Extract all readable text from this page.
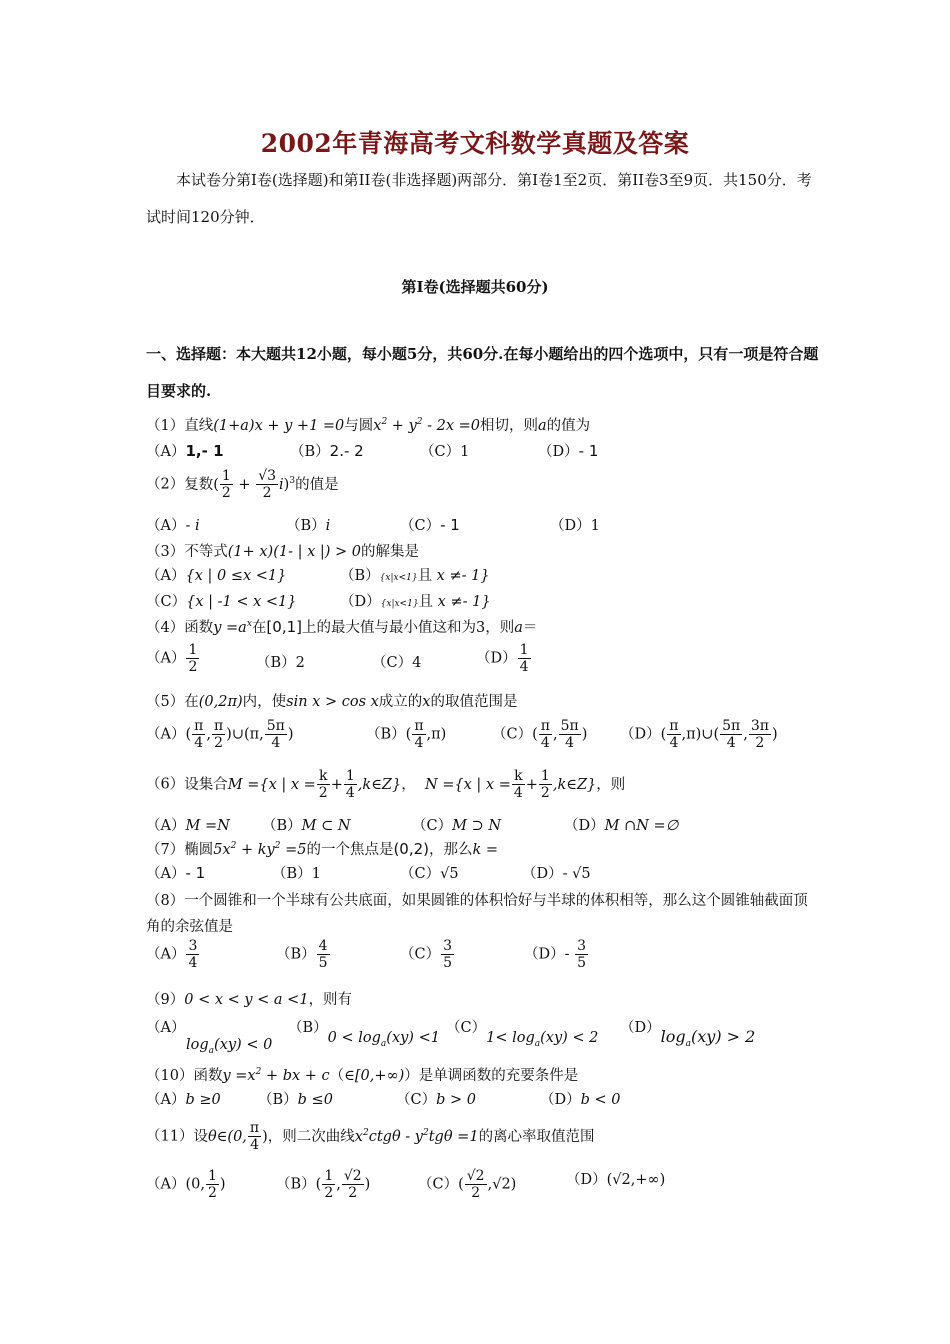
2002年青海高考文科数学真题及答案

本试卷分第I卷(选择题)和第II卷(非选择题)两部分．第I卷1至2页．第II卷3至9页．共150分．考试时间120分钟．

第I卷(选择题共60分)
一、选择题：本大题共12小题，每小题5分，共60分.在每小题给出的四个选项中，只有一项是符合题目要求的.
（1）直线(1+a)x + y +1 =0与圆$x^2 + y^2 - 2x =0$相切，则a的值为
（A）1,- 1	（B）2.- 2	（C）1	（D）- 1
（2）复数( $\frac{1}{2} + \frac{√3}{2} i)^3$的值是
（A）- i	（B）i	（C）- 1	（D）1
（3）不等式(1+ x)(1- | x |) > 0的解集是
（A）{x | 0 ≤x <1}	（B）{x|x<1}且 x ≠- 1}
（C）{x | -1 < x <1}	（D）{x|x<1}且 x ≠- 1}
（4）函数$y =a^x$在[0,1]上的最大值与最小值这和为3，则a＝
$(A) \frac{1}{2}$	（B）2	（C）4	$(D) \frac{1}{4}$
（5）在(0,2π)内，使sin x > cos x成立的x的取值范围是
$(A)( \frac{\pi}{4}$ , $\frac{\pi}{2}$ )∪(π, $\frac{5\pi}{4}$ )	$(B)( \frac{\pi}{4} ,\pi)$	$(C)( \frac{\pi}{4}$ , $\frac{5\pi}{4}$ ) $(D)( \frac{\pi}{4}$ ,π)∪( $\frac{5\pi}{4}$ , $\frac{3\pi}{2}$ )
（6）设集合M ={x | $x = \frac{k}{2} + \frac{1}{4}$ ,k∈Z}，  N ={x | $x = \frac{k}{4} + \frac{1}{2}$ ,k∈Z}，则
（A）M =N （B）M ⊂ N	（C）M ⊃ N	（D）M ∩N =∅
（7）椭圆$5x^2 + ky^2 =5$的一个焦点是(0,2)，那么k =
（A）- 1	（B）1	（C）√5	（D）- √5
（8）一个圆锥和一个半球有公共底面，如果圆锥的体积恰好与半球的体积相等，那么这个圆锥轴截面顶角的余弦值是
$(A) \frac{3}{4}$	$(B) \frac{4}{5}$	$(C) \frac{3}{5}$	$(D)- \frac{3}{5}$
（9）0 < x < y < a <1，则有
（A）
$\log_a(xy) < 0$
$(B)0 < \log_a(xy) <1$
$(C)1< \log_a(xy) < 2$
$(D)\log_a(xy) > 2$
（10）函数$y =x^2$ + bx + c（∈[0,+∞)）是单调函数的充要条件是
（A）b ≥0	（B）b ≤0	（C）b > 0	（D）b < 0
（11）设θ∈(0, $\frac{\pi}{4}$ )，则二次曲线$x^2ctg\theta - y^2tg\theta =1$的离心率取值范围
（A）(0, $\frac{1}{2}$ )	$(B)( \frac{1}{2}$ , $\frac{√2}{2}$ )	$(C)( \frac{√2}{2} ,√2)$	（D）(√2,+∞)
